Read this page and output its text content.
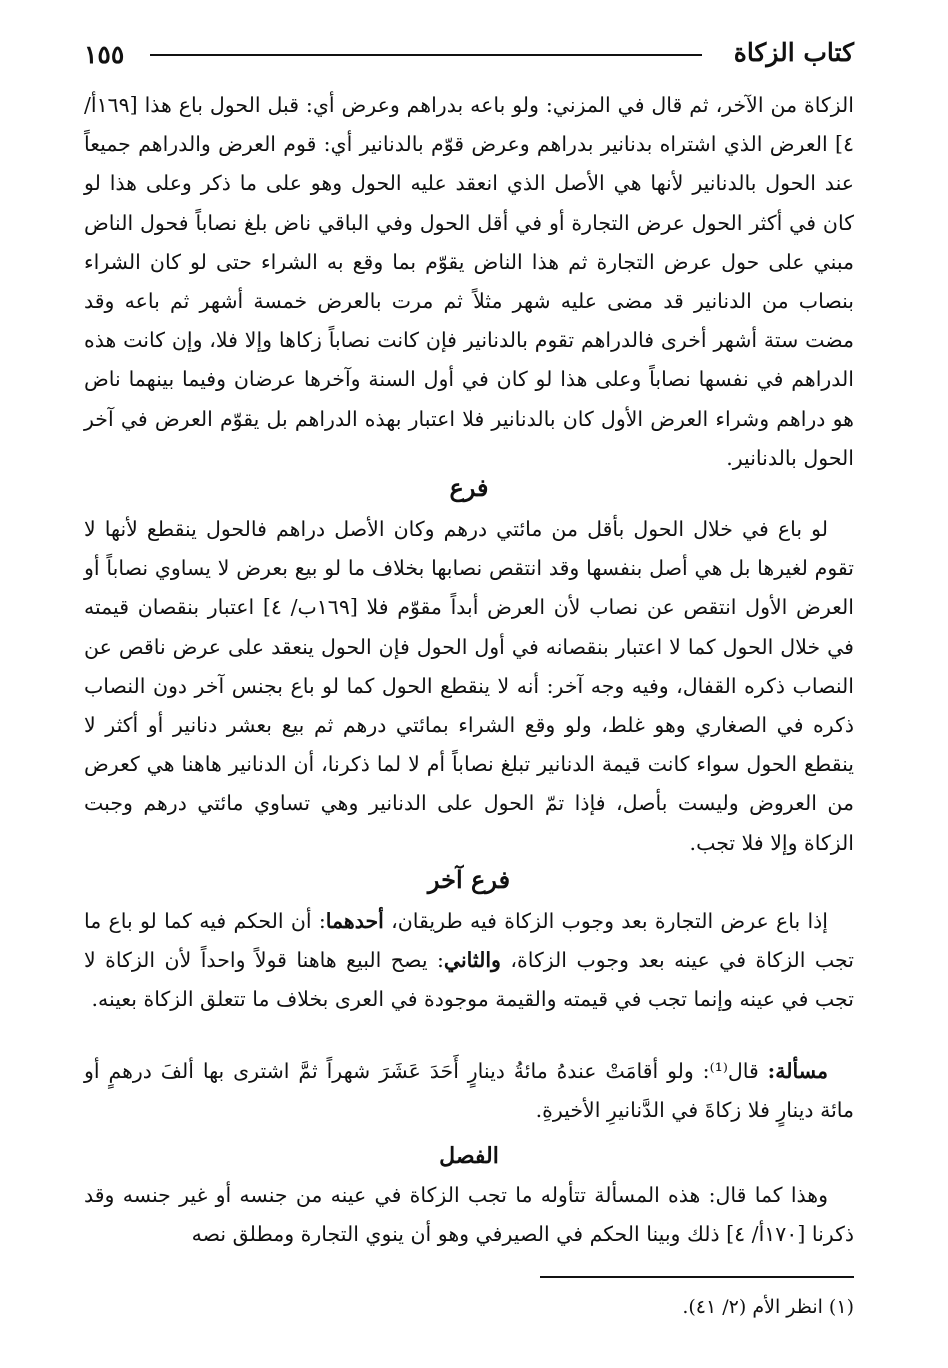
١٥٥	كتاب الزكاة

الزكاة من الآخر، ثم قال في المزني: ولو باعه بدراهم وعرض أي: قبل الحول باع هذا [١٦٩أ/ ٤] العرض الذي اشتراه بدنانير بدراهم وعرض قوّم بالدنانير أي: قوم العرض والدراهم جميعاً عند الحول بالدنانير لأنها هي الأصل الذي انعقد عليه الحول وهو على ما ذكر وعلى هذا لو كان في أكثر الحول عرض التجارة أو في أقل الحول وفي الباقي ناض بلغ نصاباً فحول الناض مبني على حول عرض التجارة ثم هذا الناض يقوّم بما وقع به الشراء حتى لو كان الشراء بنصاب من الدنانير قد مضى عليه شهر مثلاً ثم مرت بالعرض خمسة أشهر ثم باعه وقد مضت ستة أشهر أخرى فالدراهم تقوم بالدنانير فإن كانت نصاباً زكاها وإلا فلا، وإن كانت هذه الدراهم في نفسها نصاباً وعلى هذا لو كان في أول السنة وآخرها عرضان وفيما بينهما ناض هو دراهم وشراء العرض الأول كان بالدنانير فلا اعتبار بهذه الدراهم بل يقوّم العرض في آخر الحول بالدنانير.

فرع

لو باع في خلال الحول بأقل من مائتي درهم وكان الأصل دراهم فالحول ينقطع لأنها لا تقوم لغيرها بل هي أصل بنفسها وقد انتقص نصابها بخلاف ما لو بيع بعرض لا يساوي نصاباً أو العرض الأول انتقص عن نصاب لأن العرض أبداً مقوّم فلا [١٦٩ب/ ٤] اعتبار بنقصان قيمته في خلال الحول كما لا اعتبار بنقصانه في أول الحول فإن الحول ينعقد على عرض ناقص عن النصاب ذكره القفال، وفيه وجه آخر: أنه لا ينقطع الحول كما لو باع بجنس آخر دون النصاب ذكره في الصغاري وهو غلط، ولو وقع الشراء بمائتي درهم ثم بيع بعشر دنانير أو أكثر لا ينقطع الحول سواء كانت قيمة الدنانير تبلغ نصاباً أم لا لما ذكرنا، أن الدنانير هاهنا هي كعرض من العروض وليست بأصل، فإذا تمّ الحول على الدنانير وهي تساوي مائتي درهم وجبت الزكاة وإلا فلا تجب.

فرع آخر

إذا باع عرض التجارة بعد وجوب الزكاة فيه طريقان، أحدهما: أن الحكم فيه كما لو باع ما تجب الزكاة في عينه بعد وجوب الزكاة، والثاني: يصح البيع هاهنا قولاً واحداً لأن الزكاة لا تجب في عينه وإنما تجب في قيمته والقيمة موجودة في العرى بخلاف ما تتعلق الزكاة بعينه.

مسألة: قال⁽¹⁾: ولو أقامَتْ عندهُ مائةُ دينارٍ أَحَدَ عَشَرَ شهراً ثمَّ اشترى بها ألفَ درهمٍ أو مائة دينارٍ فلا زكاةَ في الدَّنانيرِ الأخيرةِ.

الفصل

وهذا كما قال: هذه المسألة تتأوله ما تجب الزكاة في عينه من جنسه أو غير جنسه وقد ذكرنا [١٧٠أ/ ٤] ذلك وبينا الحكم في الصيرفي وهو أن ينوي التجارة ومطلق نصه

(١) انظر الأم (٢/ ٤١).
